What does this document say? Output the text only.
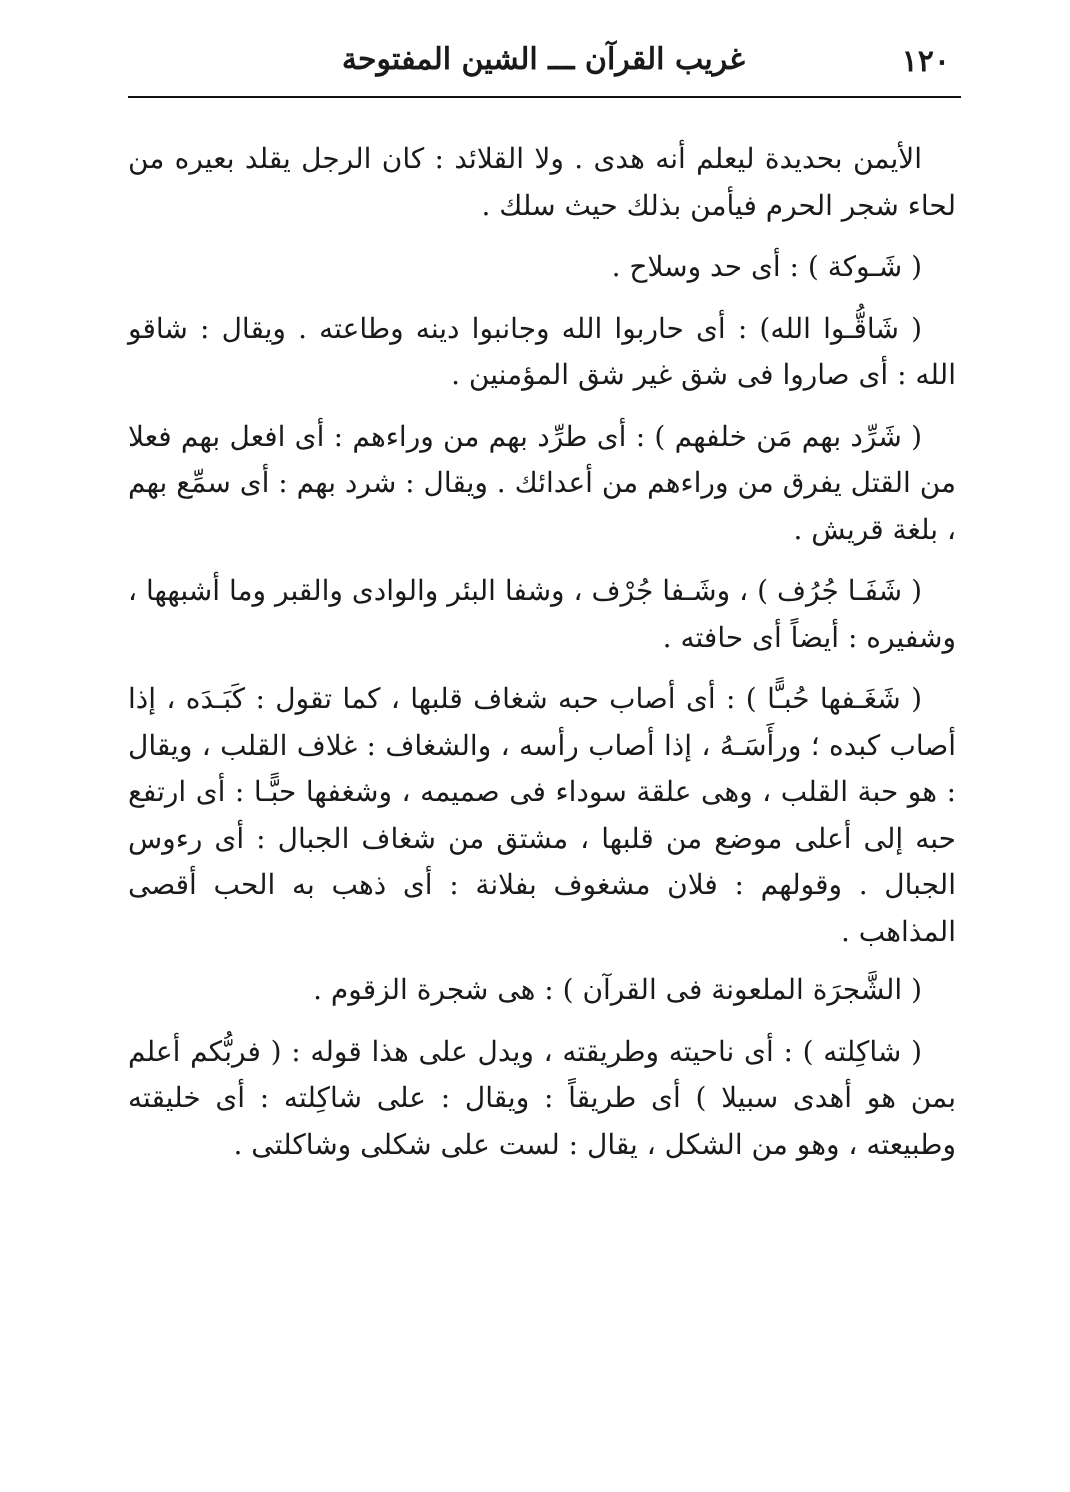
١٢٠
غريب القرآن ـــ الشين المفتوحة

الأيمن بحديدة ليعلم أنه هدى . ولا القلائد : كان الرجل يقلد بعيره من لحاء شجر الحرم فيأمن بذلك حيث سلك .

( شَـوكة ) : أى حد وسلاح .

( شَاقُّـوا الله) : أى حاربوا الله وجانبوا دينه وطاعته . ويقال : شاقو الله : أى صاروا فى شق غير شق المؤمنين .

( شَرِّد بهم مَن خلفهم ) : أى طرِّد بهم من وراءهم : أى افعل بهم فعلا من القتل يفرق من وراءهم من أعدائك . ويقال : شرد بهم : أى سمِّع بهم ، بلغة قريش .

( شَفَـا جُرُف ) ، وشَـفا جُرْف ، وشفا البئر والوادى والقبر وما أشبهها ، وشفيره : أيضاً أى حافته .

( شَغَـفها حُبـًّا ) : أى أصاب حبه شغاف قلبها ، كما تقول : كَبَـدَه ، إذا أصاب كبده ؛ ورأَسَـهُ ، إذا أصاب رأسه ، والشغاف : غلاف القلب ، ويقال : هو حبة القلب ، وهى علقة سوداء فى صميمه ، وشغفها حبًّـا : أى ارتفع حبه إلى أعلى موضع من قلبها ، مشتق من شغاف الجبال : أى رءوس الجبال . وقولهم : فلان مشغوف بفلانة : أى ذهب به الحب أقصى المذاهب .

( الشَّجرَة الملعونة فى القرآن ) : هى شجرة الزقوم .

( شاكِلته ) : أى ناحيته وطريقته ، ويدل على هذا قوله : ( فربُّكم أعلم بمن هو أهدى سبيلا ) أى طريقاً : ويقال : على شاكِلته : أى خليقته وطبيعته ، وهو من الشكل ، يقال : لست على شكلى وشاكلتى .
